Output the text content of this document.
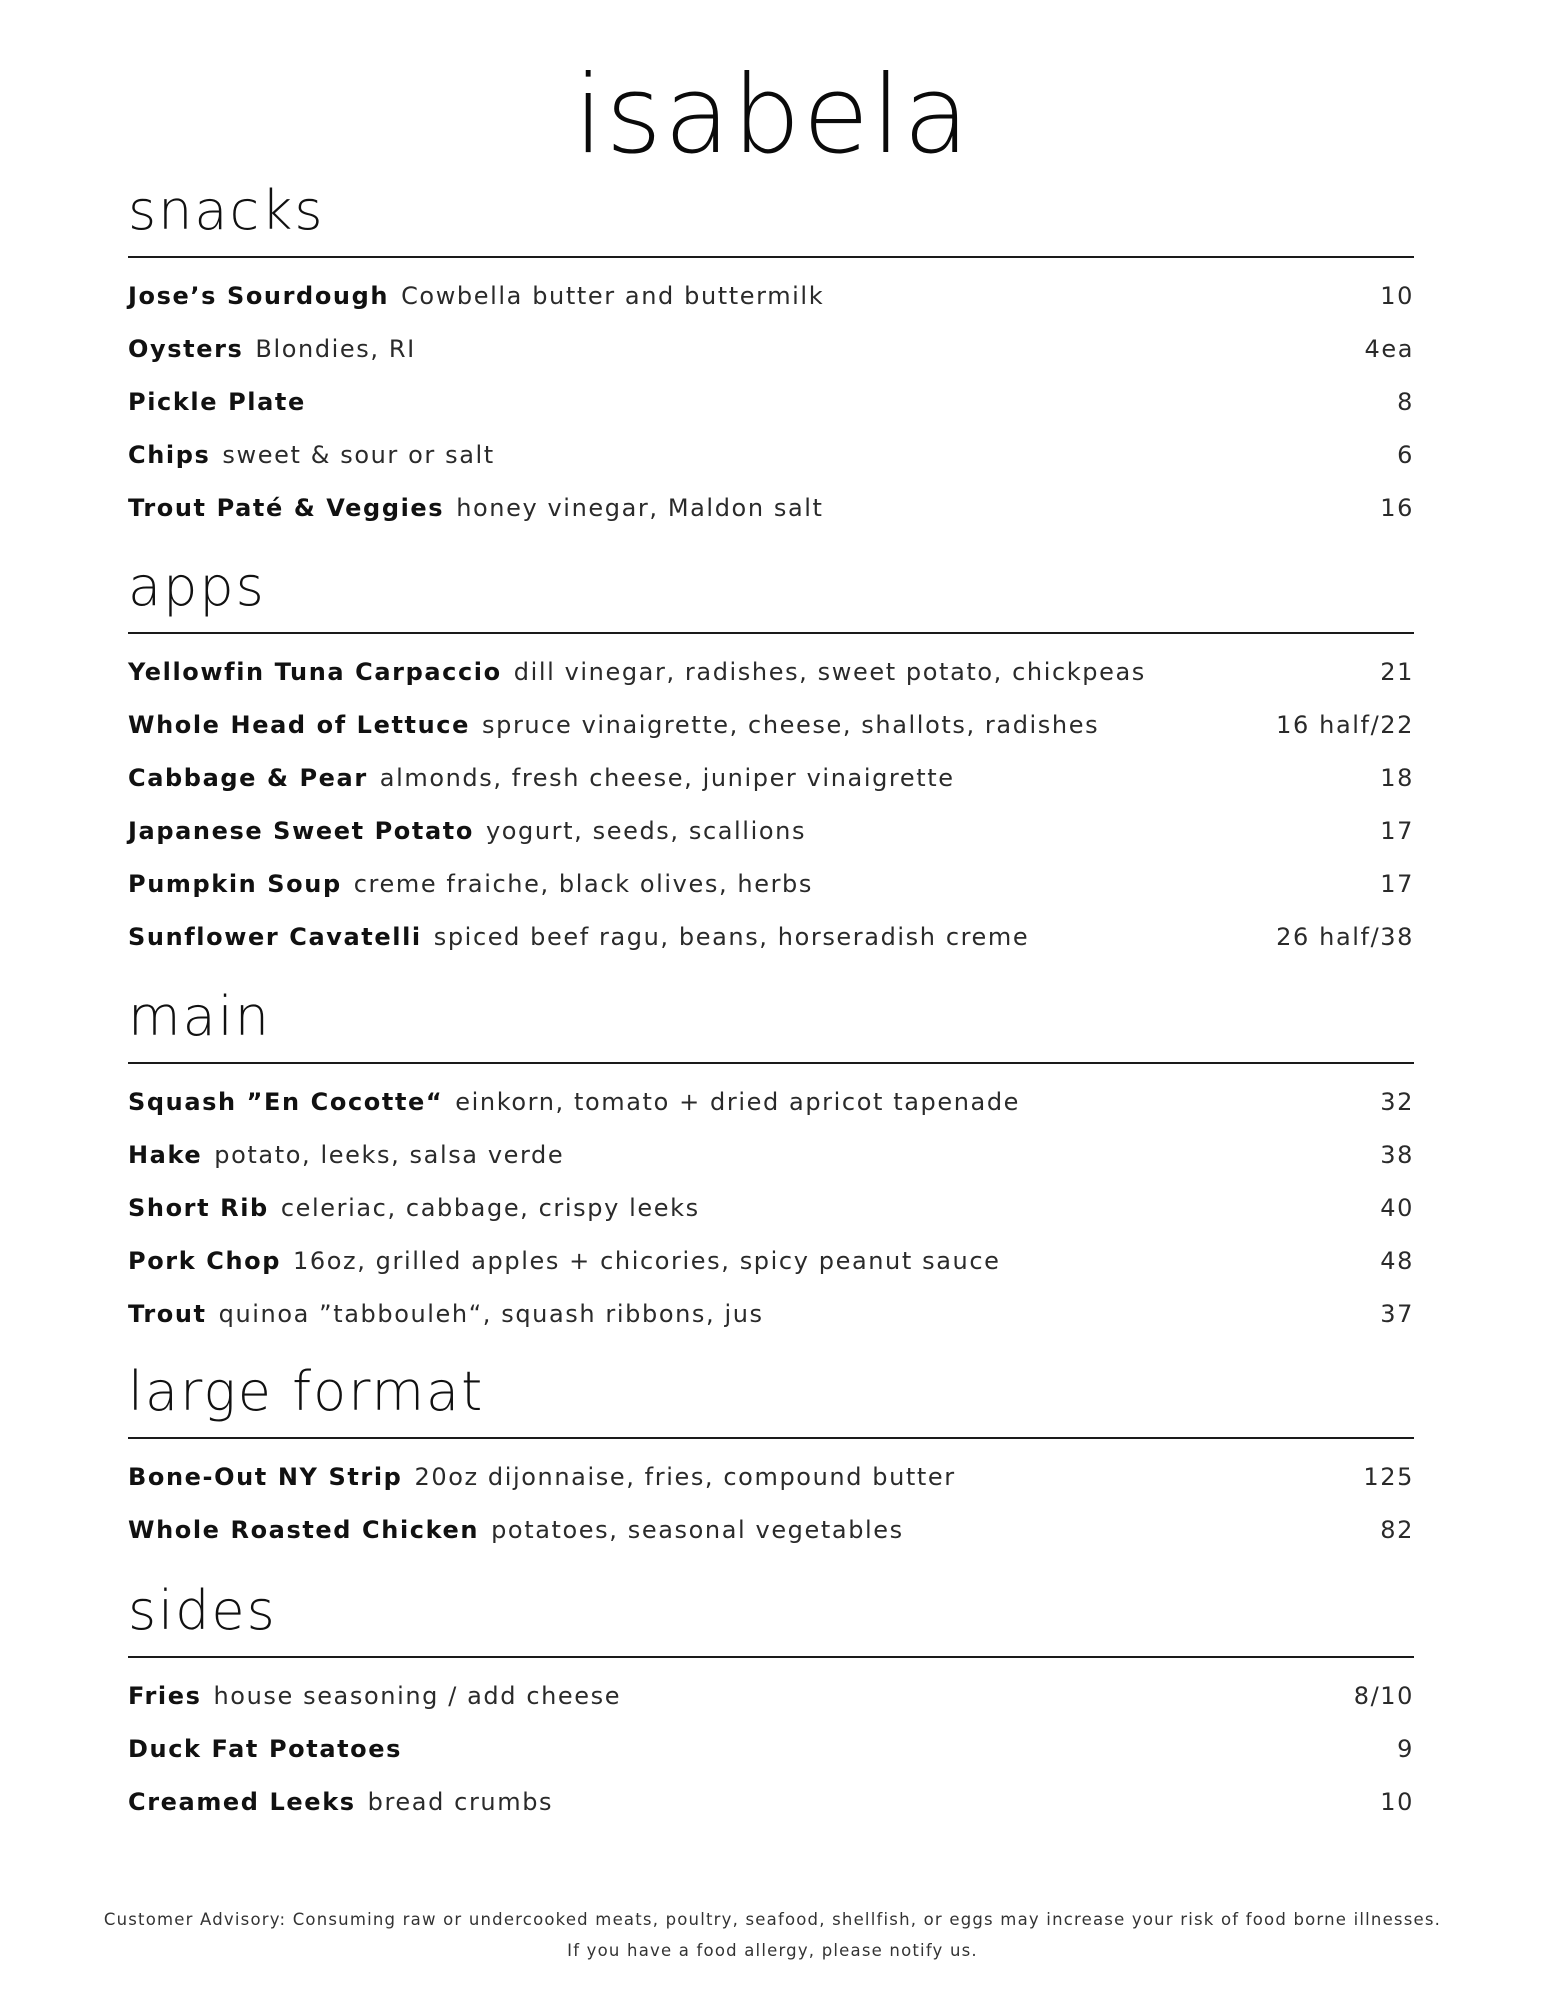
isabela
snacks
Jose’s Sourdough Cowbella butter and buttermilk	10
Oysters Blondies, RI	4ea
Pickle Plate	8
Chips sweet & sour or salt	6
Trout Paté & Veggies honey vinegar, Maldon salt	16
apps
Yellowfin Tuna Carpaccio dill vinegar, radishes, sweet potato, chickpeas	21
Whole Head of Lettuce spruce vinaigrette, cheese, shallots, radishes	16 half/22
Cabbage & Pear almonds, fresh cheese, juniper vinaigrette	18
Japanese Sweet Potato yogurt, seeds, scallions	17
Pumpkin Soup creme fraiche, black olives, herbs	17
Sunflower Cavatelli spiced beef ragu, beans, horseradish creme	26 half/38
main
Squash ”En Cocotte“ einkorn, tomato + dried apricot tapenade	32
Hake potato, leeks, salsa verde	38
Short Rib celeriac, cabbage, crispy leeks	40
Pork Chop 16oz, grilled apples + chicories, spicy peanut sauce	48
Trout quinoa ”tabbouleh“, squash ribbons, jus	37
large format
Bone-Out NY Strip 20oz dijonnaise, fries, compound butter	125
Whole Roasted Chicken potatoes, seasonal vegetables	82
sides
Fries house seasoning / add cheese	8/10
Duck Fat Potatoes	9
Creamed Leeks bread crumbs	10
Customer Advisory: Consuming raw or undercooked meats, poultry, seafood, shellfish, or eggs may increase your risk of food borne illnesses.
If you have a food allergy, please notify us.
